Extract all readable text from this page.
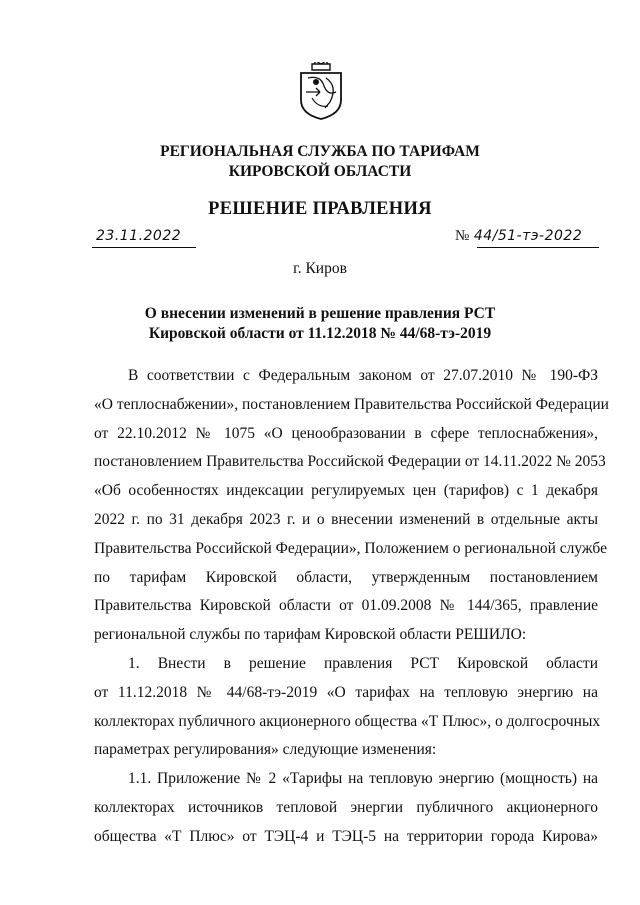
РЕГИОНАЛЬНАЯ СЛУЖБА ПО ТАРИФАМ
КИРОВСКОЙ ОБЛАСТИ
РЕШЕНИЕ ПРАВЛЕНИЯ
23.11.2022	№ 44/51-тэ-2022
г. Киров
О внесении изменений в решение правления РСТ
Кировской области от 11.12.2018 № 44/68-тэ-2019
В соответствии с Федеральным законом от 27.07.2010 № 190-ФЗ
«О теплоснабжении», постановлением Правительства Российской Федерации
от 22.10.2012 № 1075 «О ценообразовании в сфере теплоснабжения»,
постановлением Правительства Российской Федерации от 14.11.2022 № 2053
«Об особенностях индексации регулируемых цен (тарифов) с 1 декабря
2022 г. по 31 декабря 2023 г. и о внесении изменений в отдельные акты
Правительства Российской Федерации», Положением о региональной службе
по тарифам Кировской области, утвержденным постановлением
Правительства Кировской области от 01.09.2008 № 144/365, правление
региональной службы по тарифам Кировской области РЕШИЛО:
1. Внести в решение правления РСТ Кировской области
от 11.12.2018 № 44/68-тэ-2019 «О тарифах на тепловую энергию на
коллекторах публичного акционерного общества «Т Плюс», о долгосрочных
параметрах регулирования» следующие изменения:
1.1. Приложение № 2 «Тарифы на тепловую энергию (мощность) на
коллекторах источников тепловой энергии публичного акционерного
общества «Т Плюс» от ТЭЦ-4 и ТЭЦ-5 на территории города Кирова»
